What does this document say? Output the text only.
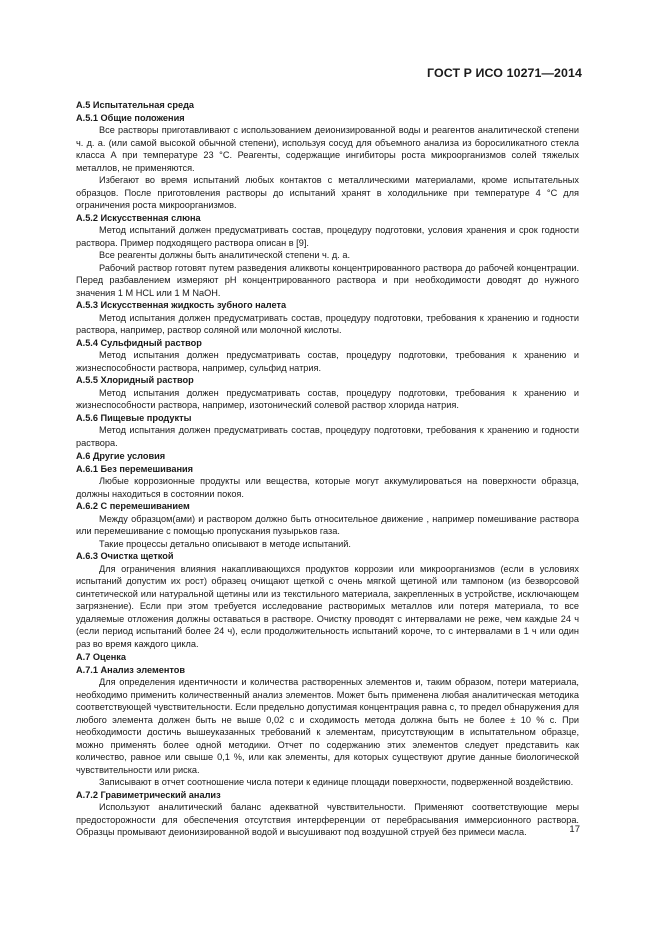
ГОСТ Р ИСО 10271—2014
А.5 Испытательная среда
А.5.1 Общие положения

Все растворы приготавливают с использованием деионизированной воды и реагентов аналитической степени ч. д. а. (или самой высокой обычной степени), используя сосуд для объемного анализа из боросиликатного стекла класса А при температуре 23 °С. Реагенты, содержащие ингибиторы роста микроорганизмов солей тяжелых металлов, не применяются.

Избегают во время испытаний любых контактов с металлическими материалами, кроме испытательных образцов. После приготовления растворы до испытаний хранят в холодильнике при температуре 4 °С для ограничения роста микроорганизмов.

А.5.2 Искусственная слюна

Метод испытаний должен предусматривать состав, процедуру подготовки, условия хранения и срок годности раствора. Пример подходящего раствора описан в [9].

Все реагенты должны быть аналитической степени ч. д. а.

Рабочий раствор готовят путем разведения аликвоты концентрированного раствора до рабочей концентрации. Перед разбавлением измеряют pH концентрированного раствора и при необходимости доводят до нужного значения 1 М HCL или 1 М NaOH.

А.5.3 Искусственная жидкость зубного налета

Метод испытания должен предусматривать состав, процедуру подготовки, требования к хранению и годности раствора, например, раствор соляной или молочной кислоты.

А.5.4 Сульфидный раствор

Метод испытания должен предусматривать состав, процедуру подготовки, требования к хранению и жизнеспособности раствора, например, сульфид натрия.

А.5.5 Хлоридный раствор

Метод испытания должен предусматривать состав, процедуру подготовки, требования к хранению и жизнеспособности раствора, например, изотонический солевой раствор хлорида натрия.

А.5.6 Пищевые продукты

Метод испытания должен предусматривать состав, процедуру подготовки, требования к хранению и годности раствора.

А.6 Другие условия
А.6.1 Без перемешивания

Любые коррозионные продукты или вещества, которые могут аккумулироваться на поверхности образца, должны находиться в состоянии покоя.

А.6.2 С перемешиванием

Между образцом(ами) и раствором должно быть относительное движение , например помешивание раствора или перемешивание с помощью пропускания пузырьков газа.

Такие процессы детально описывают в методе испытаний.

А.6.3 Очистка щеткой

Для ограничения влияния накапливающихся продуктов коррозии или микроорганизмов (если в условиях испытаний допустим их рост) образец очищают щеткой с очень мягкой щетиной или тампоном (из безворсовой синтетической или натуральной щетины или из текстильного материала, закрепленных в устройстве, исключающем загрязнение). Если при этом требуется исследование растворимых металлов или потеря материала, то все удаляемые отложения должны оставаться в растворе. Очистку проводят с интервалами не реже, чем каждые 24 ч (если период испытаний более 24 ч), если продолжительность испытаний короче, то с интервалами в 1 ч или один раз во время каждого цикла.

А.7 Оценка
А.7.1 Анализ элементов

Для определения идентичности и количества растворенных элементов и, таким образом, потери материала, необходимо применить количественный анализ элементов. Может быть применена любая аналитическая методика соответствующей чувствительности. Если предельно допустимая концентрация равна с, то предел обнаружения для любого элемента должен быть не выше 0,02 с и сходимость метода должна быть не более ± 10 % с. При необходимости достичь вышеуказанных требований к элементам, присутствующим в испытательном образце, можно применять более одной методики. Отчет по содержанию этих элементов следует представить как количество, равное или свыше 0,1 %, или как элементы, для которых существуют другие данные биологической чувствительности или риска.

Записывают в отчет соотношение числа потери к единице площади поверхности, подверженной воздействию.

А.7.2 Гравиметрический анализ

Используют аналитический баланс адекватной чувствительности. Применяют соответствующие меры предосторожности для обеспечения отсутствия интерференции от перебрасывания иммерсионного раствора. Образцы промывают деионизированной водой и высушивают под воздушной струей без примеси масла.	17
